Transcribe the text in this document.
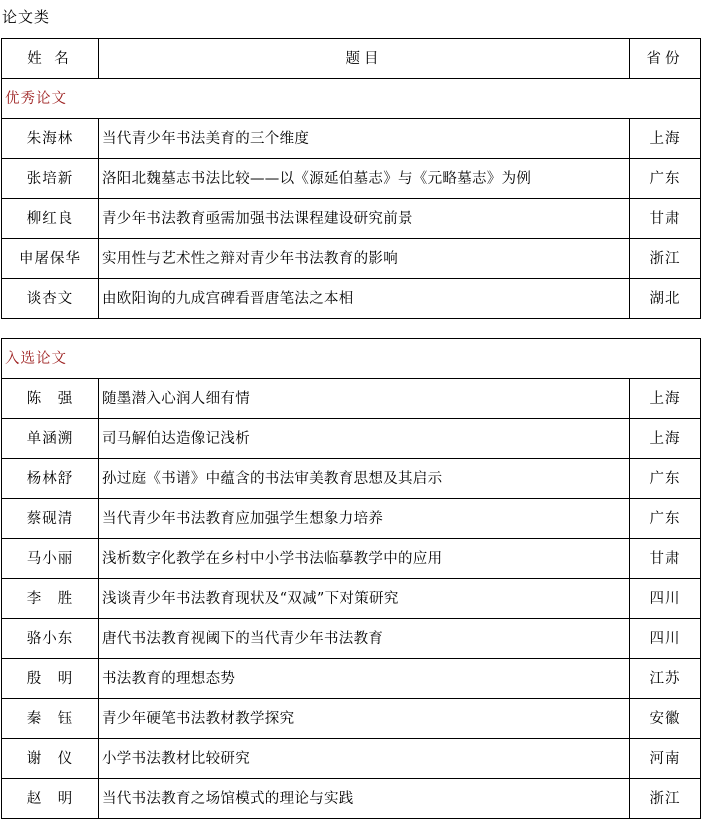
论文类
姓 名	题目	省份
优秀论文		
朱海林	当代青少年书法美育的三个维度	上海
张培新	洛阳北魏墓志书法比较——以《源延伯墓志》与《元略墓志》为例	广东
柳红良	青少年书法教育亟需加强书法课程建设研究前景	甘肃
申屠保华	实用性与艺术性之辩对青少年书法教育的影响	浙江
谈杏文	由欧阳询的九成宫碑看晋唐笔法之本相	湖北
入选论文		
陈　强	随墨潜入心润人细有情	上海
单涵溯	司马解伯达造像记浅析	上海
杨林舒	孙过庭《书谱》中蕴含的书法审美教育思想及其启示	广东
蔡砚清	当代青少年书法教育应加强学生想象力培养	广东
马小丽	浅析数字化教学在乡村中小学书法临摹教学中的应用	甘肃
李　胜	浅谈青少年书法教育现状及“双减”下对策研究	四川
骆小东	唐代书法教育视阈下的当代青少年书法教育	四川
殷　明	书法教育的理想态势	江苏
秦　钰	青少年硬笔书法教材教学探究	安徽
谢　仪	小学书法教材比较研究	河南
赵　明	当代书法教育之场馆模式的理论与实践	浙江
